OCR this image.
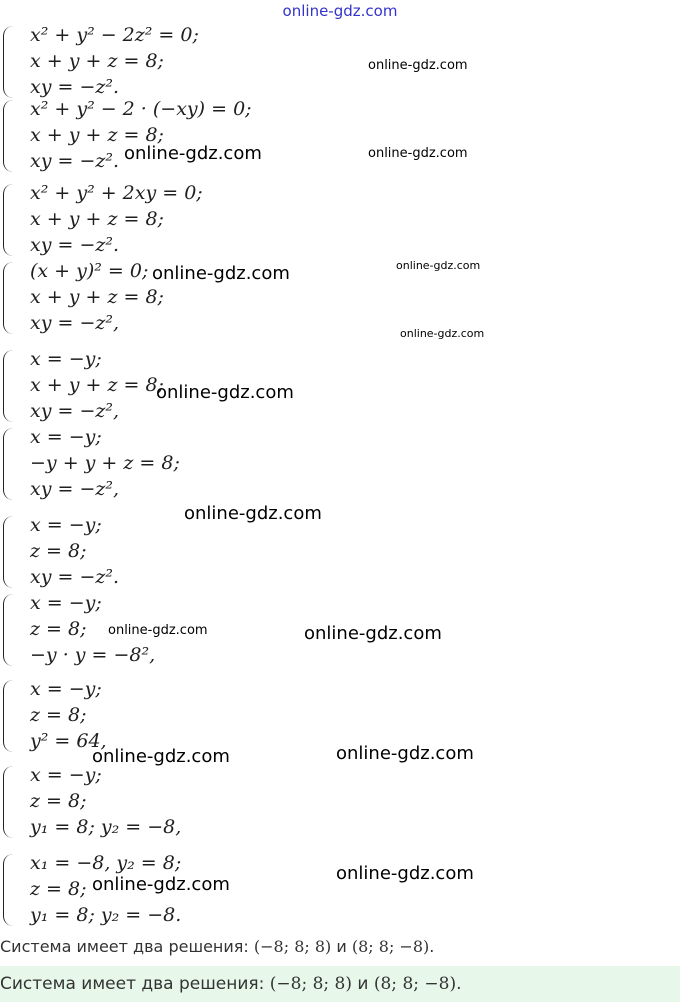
online-gdz.com
x² + y² − 2z² = 0;
x + y + z = 8;
xy = −z².
x² + y² − 2 · (−xy) = 0;
x + y + z = 8;
xy = −z².
x² + y² + 2xy = 0;
x + y + z = 8;
xy = −z².
(x + y)² = 0;
x + y + z = 8;
xy = −z²,
x = −y;
x + y + z = 8;
xy = −z²,
x = −y;
−y + y + z = 8;
xy = −z²,
x = −y;
z = 8;
xy = −z².
x = −y;
z = 8;
−y · y = −8²,
x = −y;
z = 8;
y² = 64,
x = −y;
z = 8;
y₁ = 8; y₂ = −8,
x₁ = −8, y₂ = 8;
z = 8;
y₁ = 8; y₂ = −8.
online-gdz.com
online-gdz.com	online-gdz.com
online-gdz.com	online-gdz.com
online-gdz.com
online-gdz.com
online-gdz.com
online-gdz.com	online-gdz.com
online-gdz.com	online-gdz.com
online-gdz.com
online-gdz.com
Система имеет два решения: (−8; 8; 8) и (8; 8; −8).
Система имеет два решения: (−8; 8; 8) и (8; 8; −8).
